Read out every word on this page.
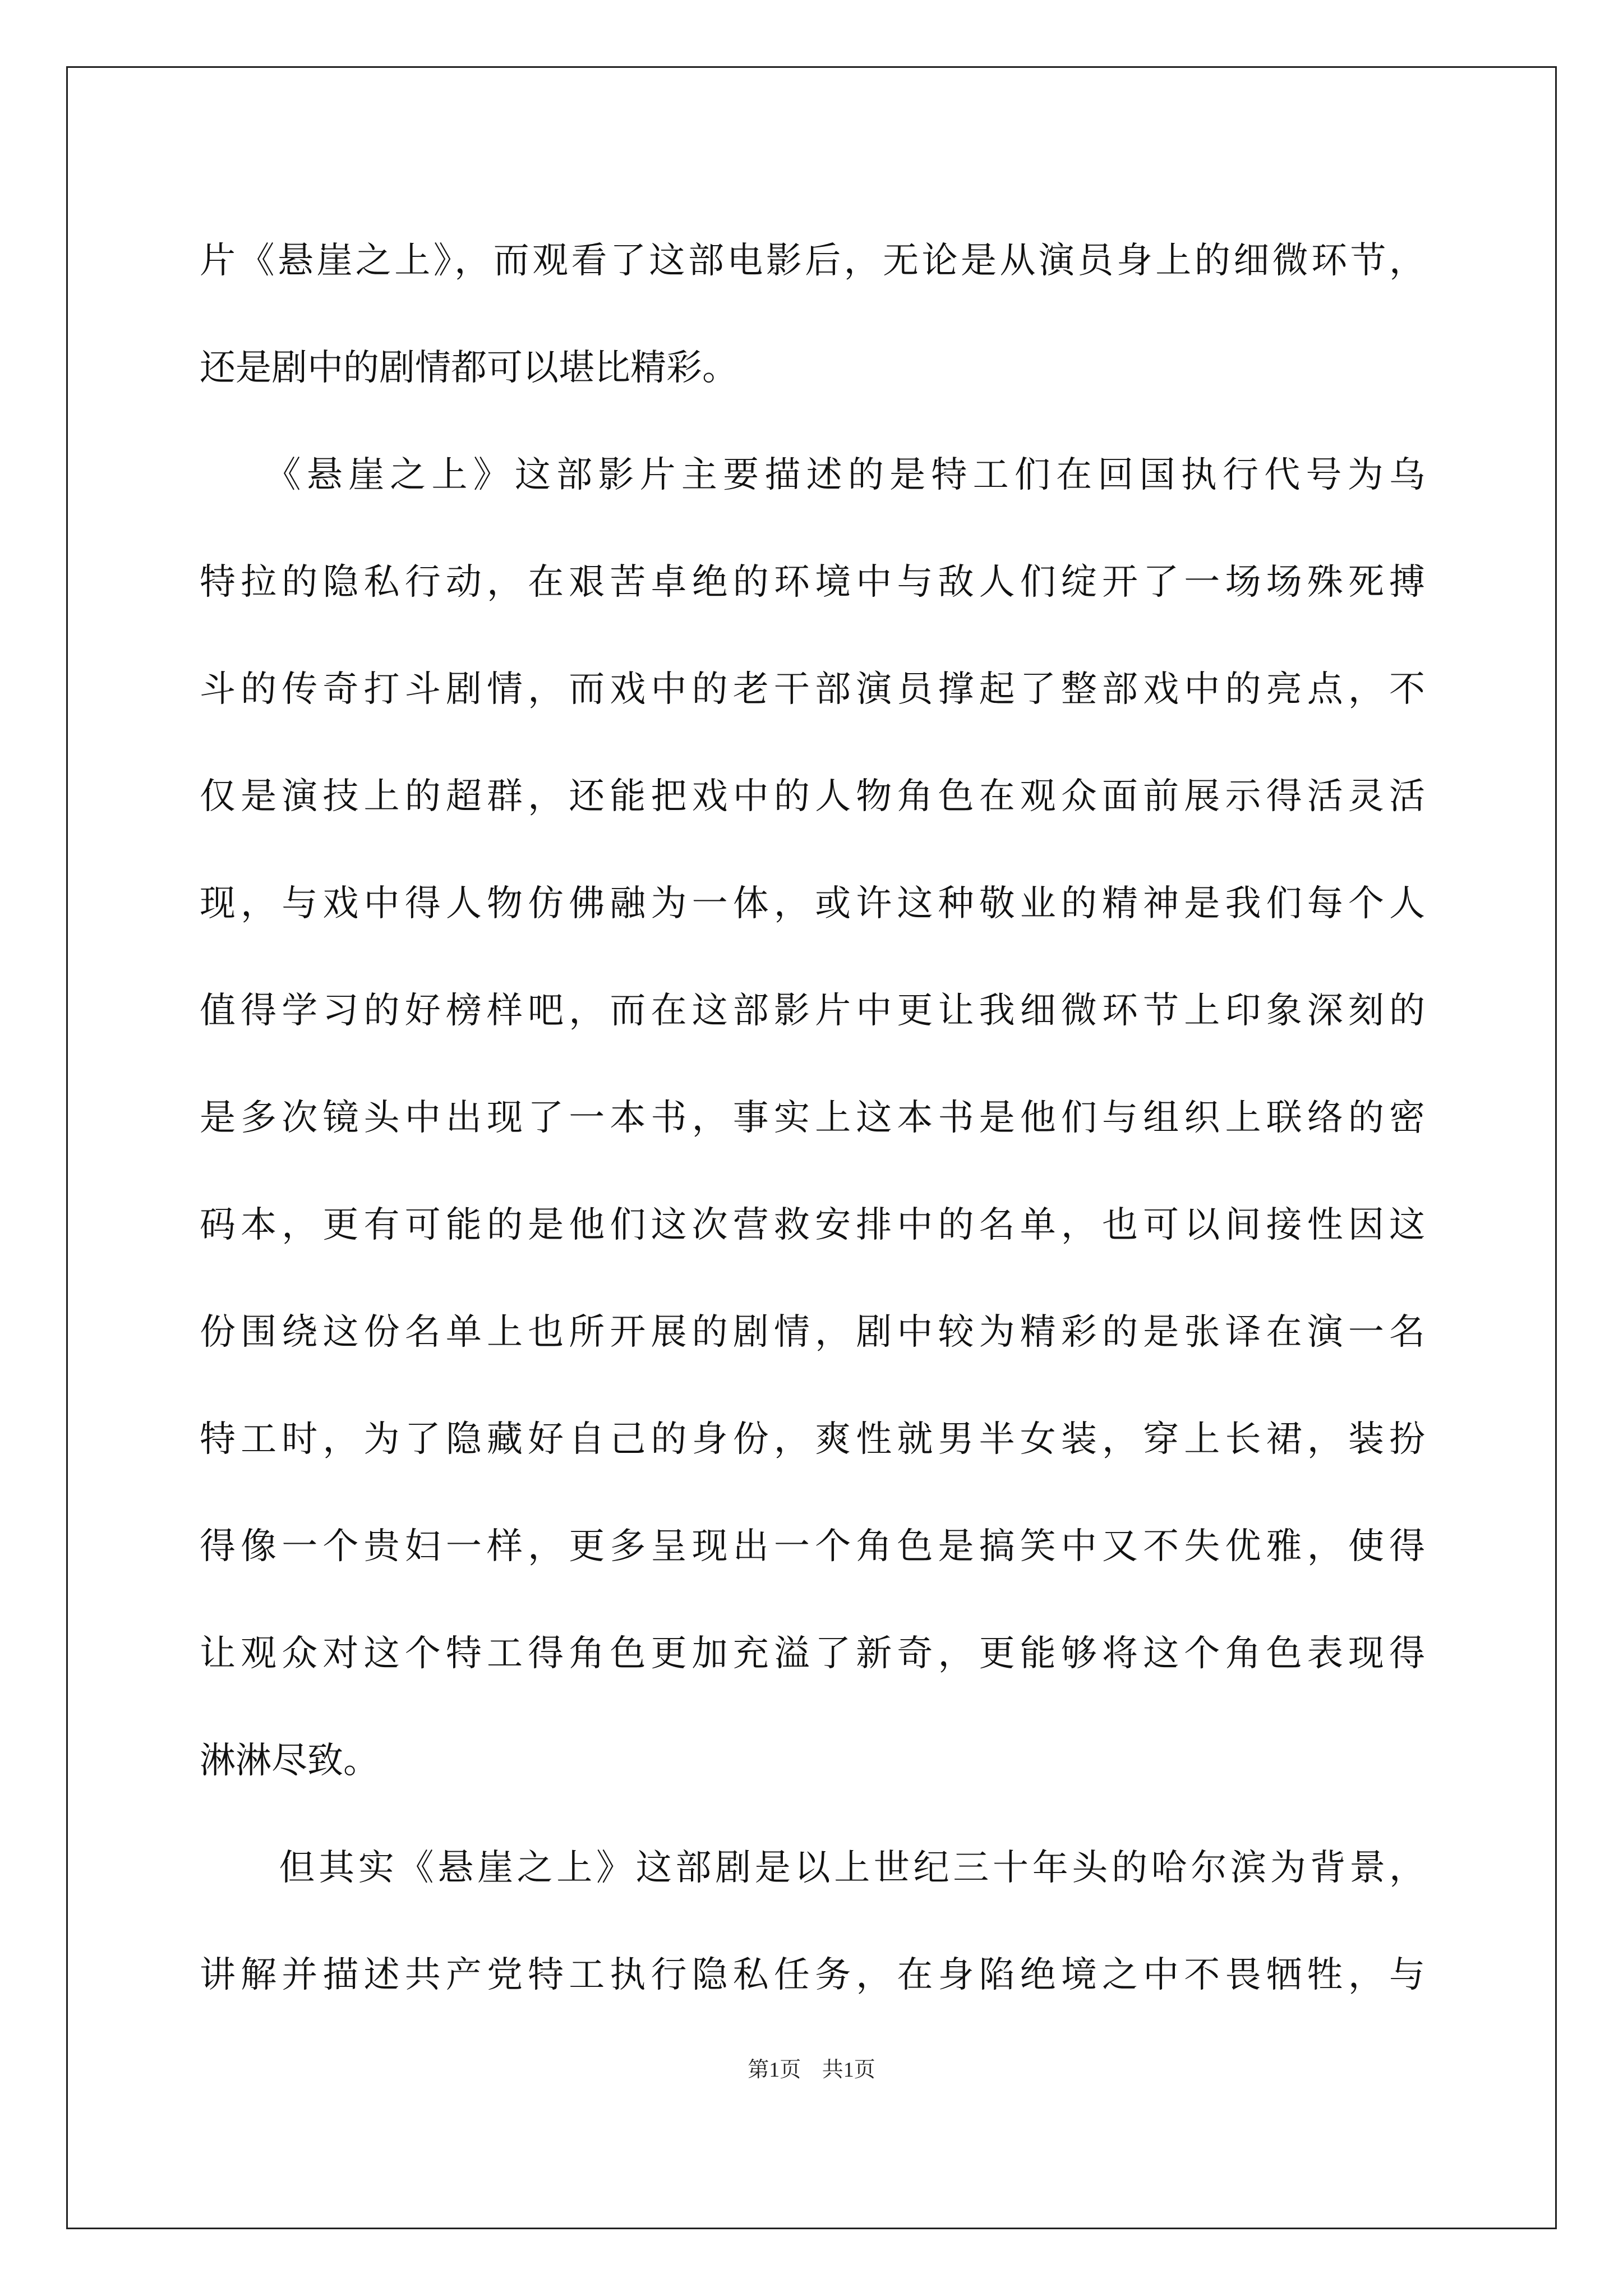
片《悬崖之上》，而观看了这部电影后，无论是从演员身上的细微环节，
还是剧中的剧情都可以堪比精彩。
　　《悬崖之上》这部影片主要描述的是特工们在回国执行代号为乌
特拉的隐私行动，在艰苦卓绝的环境中与敌人们绽开了一场场殊死搏
斗的传奇打斗剧情，而戏中的老干部演员撑起了整部戏中的亮点，不
仅是演技上的超群，还能把戏中的人物角色在观众面前展示得活灵活
现，与戏中得人物仿佛融为一体，或许这种敬业的精神是我们每个人
值得学习的好榜样吧，而在这部影片中更让我细微环节上印象深刻的
是多次镜头中出现了一本书，事实上这本书是他们与组织上联络的密
码本，更有可能的是他们这次营救安排中的名单，也可以间接性因这
份围绕这份名单上也所开展的剧情，剧中较为精彩的是张译在演一名
特工时，为了隐藏好自己的身份，爽性就男半女装，穿上长裙，装扮
得像一个贵妇一样，更多呈现出一个角色是搞笑中又不失优雅，使得
让观众对这个特工得角色更加充溢了新奇，更能够将这个角色表现得
淋淋尽致。
　　但其实《悬崖之上》这部剧是以上世纪三十年头的哈尔滨为背景，
讲解并描述共产党特工执行隐私任务，在身陷绝境之中不畏牺牲，与
第1页 共1页
